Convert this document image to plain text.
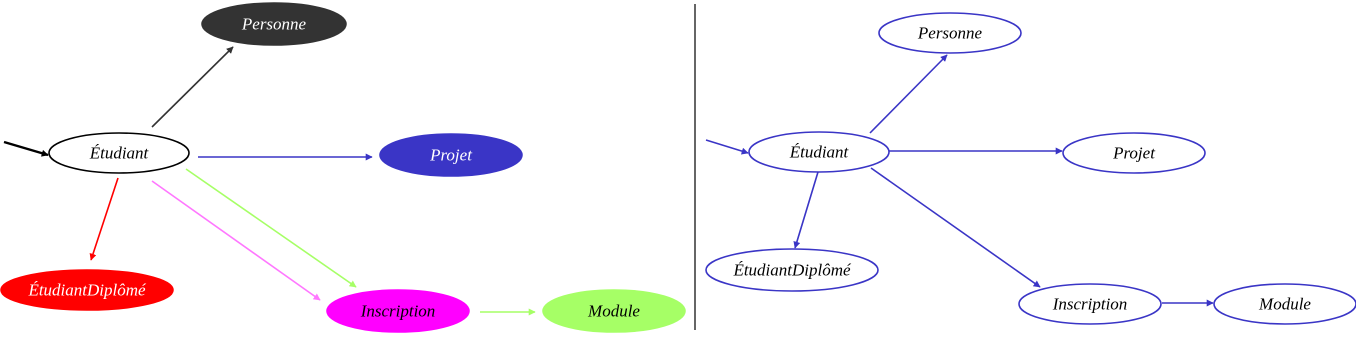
Personne
Étudiant	Projet
ÉtudiantDiplômé
Inscription	Module
Personne
Étudiant	Projet
ÉtudiantDiplômé
Inscription	Module
